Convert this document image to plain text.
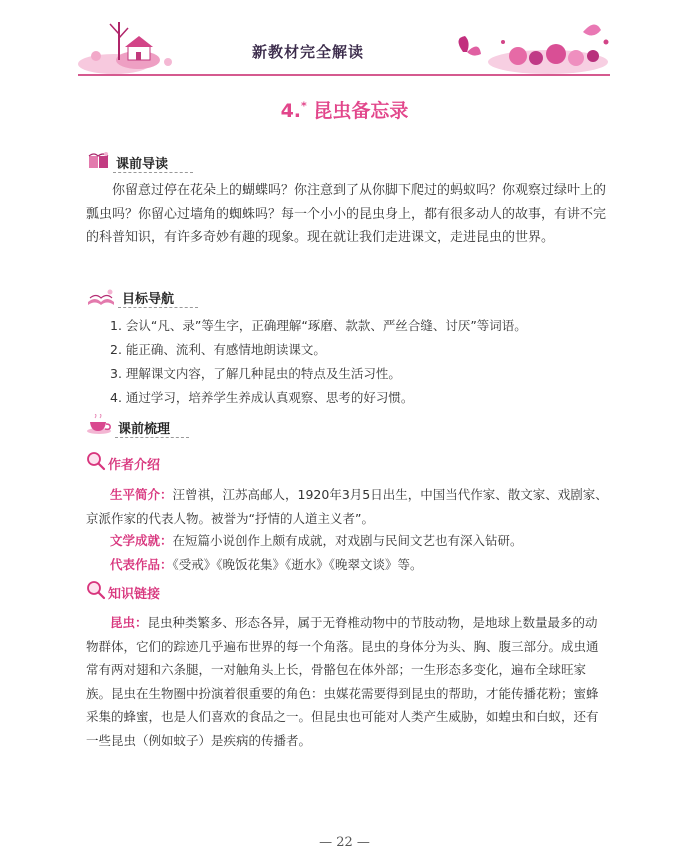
新教材完全解读
4.* 昆虫备忘录
课前导读
你留意过停在花朵上的蝴蝶吗？你注意到了从你脚下爬过的蚂蚁吗？你观察过绿叶上的瓢虫吗？你留心过墙角的蜘蛛吗？每一个小小的昆虫身上，都有很多动人的故事，有讲不完的科普知识，有许多奇妙有趣的现象。现在就让我们走进课文，走进昆虫的世界。
目标导航
1. 会认“凡、录”等生字，正确理解“琢磨、款款、严丝合缝、讨厌”等词语。
2. 能正确、流利、有感情地朗读课文。
3. 理解课文内容，了解几种昆虫的特点及生活习性。
4. 通过学习，培养学生养成认真观察、思考的好习惯。
课前梳理
作者介绍
生平简介：汪曾祺，江苏高邮人，1920年3月5日出生，中国当代作家、散文家、戏剧家、京派作家的代表人物。被誉为“抒情的人道主义者”。
文学成就：在短篇小说创作上颇有成就，对戏剧与民间文艺也有深入钻研。
代表作品：《受戒》《晚饭花集》《逝水》《晚翠文谈》等。
知识链接
昆虫：昆虫种类繁多、形态各异，属于无脊椎动物中的节肢动物，是地球上数量最多的动物群体，它们的踪迹几乎遍布世界的每一个角落。昆虫的身体分为头、胸、腹三部分。成虫通常有两对翅和六条腿，一对触角头上长，骨骼包在体外部；一生形态多变化，遍布全球旺家族。昆虫在生物圈中扮演着很重要的角色：虫媒花需要得到昆虫的帮助，才能传播花粉；蜜蜂采集的蜂蜜，也是人们喜欢的食品之一。但昆虫也可能对人类产生威胁，如蝗虫和白蚁，还有一些昆虫（例如蚊子）是疾病的传播者。
— 22 —
